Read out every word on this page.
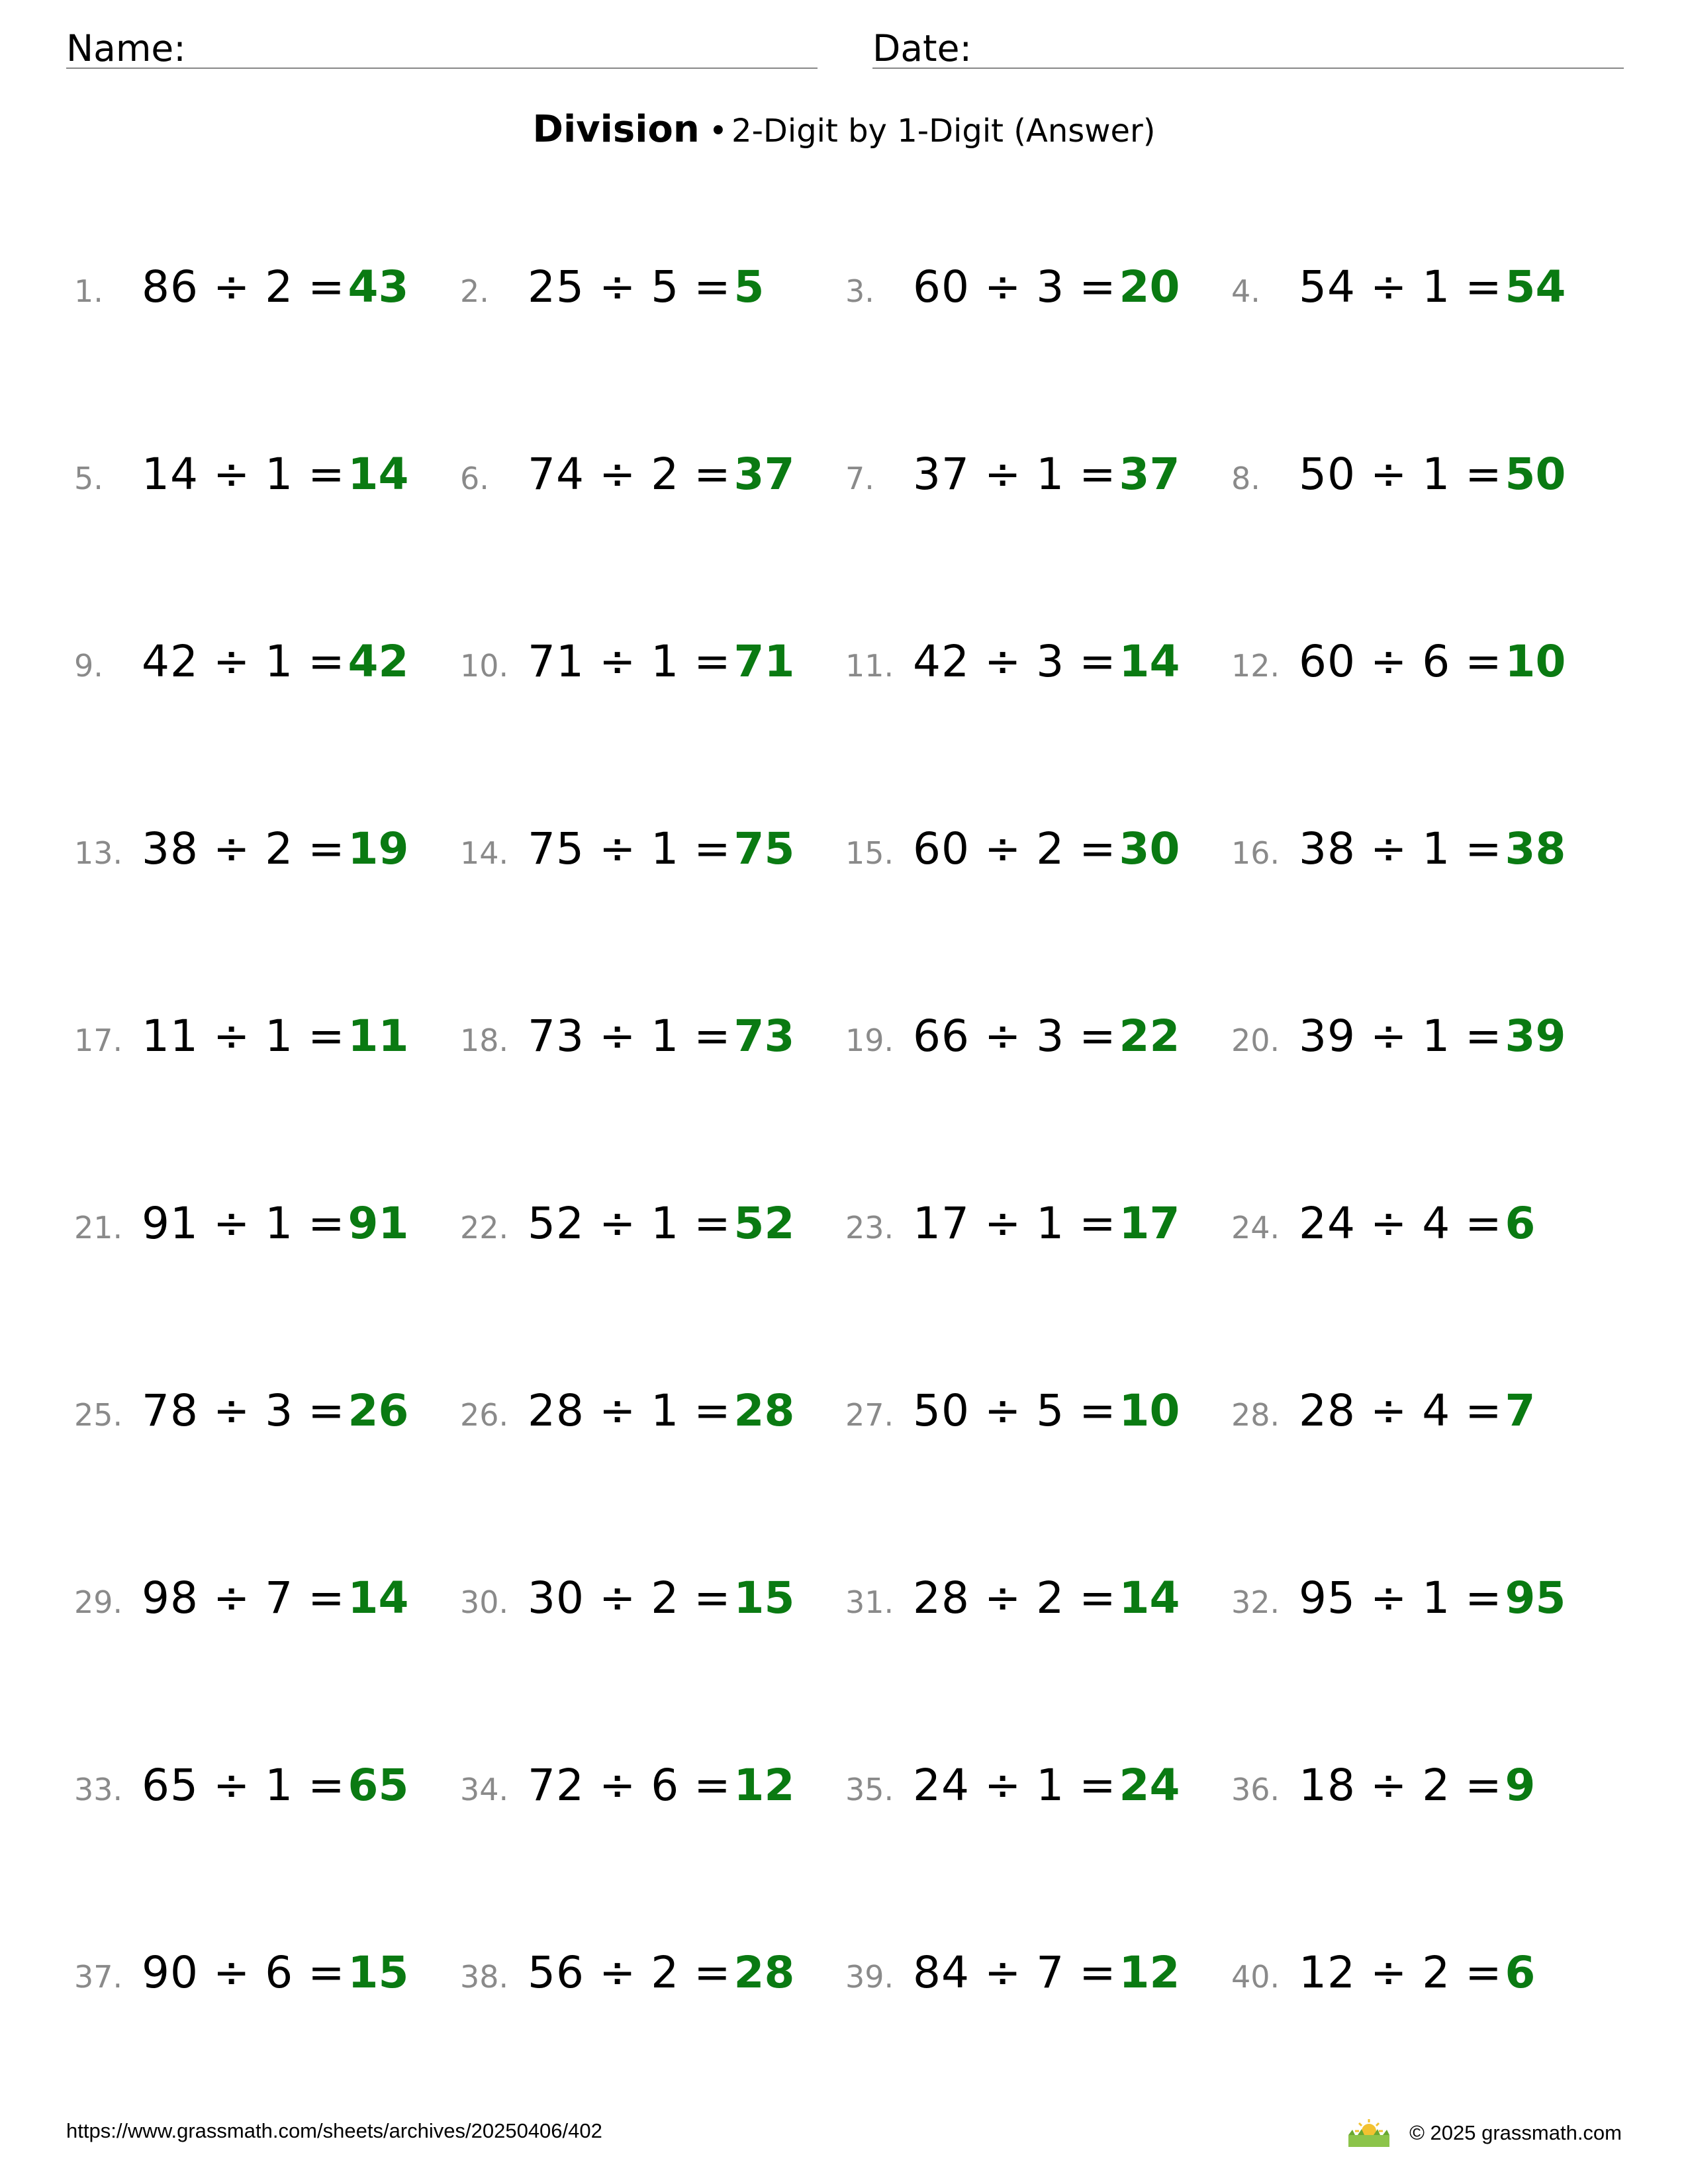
Name:	Date:
Division • 2-Digit by 1-Digit (Answer)
1. 86 ÷ 2 = 43 2. 25 ÷ 5 = 5	3. 60 ÷ 3 = 20 4. 54 ÷ 1 = 54
5. 14 ÷ 1 = 14 6. 74 ÷ 2 = 37 7. 37 ÷ 1 = 37 8. 50 ÷ 1 = 50
9. 42 ÷ 1 = 42 10. 71 ÷ 1 = 71 11. 42 ÷ 3 = 14 12. 60 ÷ 6 = 10
13. 38 ÷ 2 = 19 14. 75 ÷ 1 = 75 15. 60 ÷ 2 = 30 16. 38 ÷ 1 = 38
17. 11 ÷ 1 = 11 18. 73 ÷ 1 = 73 19. 66 ÷ 3 = 22 20. 39 ÷ 1 = 39
21. 91 ÷ 1 = 91 22. 52 ÷ 1 = 52 23. 17 ÷ 1 = 17 24. 24 ÷ 4 = 6
25. 78 ÷ 3 = 26 26. 28 ÷ 1 = 28 27. 50 ÷ 5 = 10 28. 28 ÷ 4 = 7
29. 98 ÷ 7 = 14 30. 30 ÷ 2 = 15 31. 28 ÷ 2 = 14 32. 95 ÷ 1 = 95
33. 65 ÷ 1 = 65 34. 72 ÷ 6 = 12 35. 24 ÷ 1 = 24 36. 18 ÷ 2 = 9
37. 90 ÷ 6 = 15 38. 56 ÷ 2 = 28 39. 84 ÷ 7 = 12 40. 12 ÷ 2 = 6
https://www.grassmath.com/sheets/archives/20250406/402	© 2025 grassmath.com
